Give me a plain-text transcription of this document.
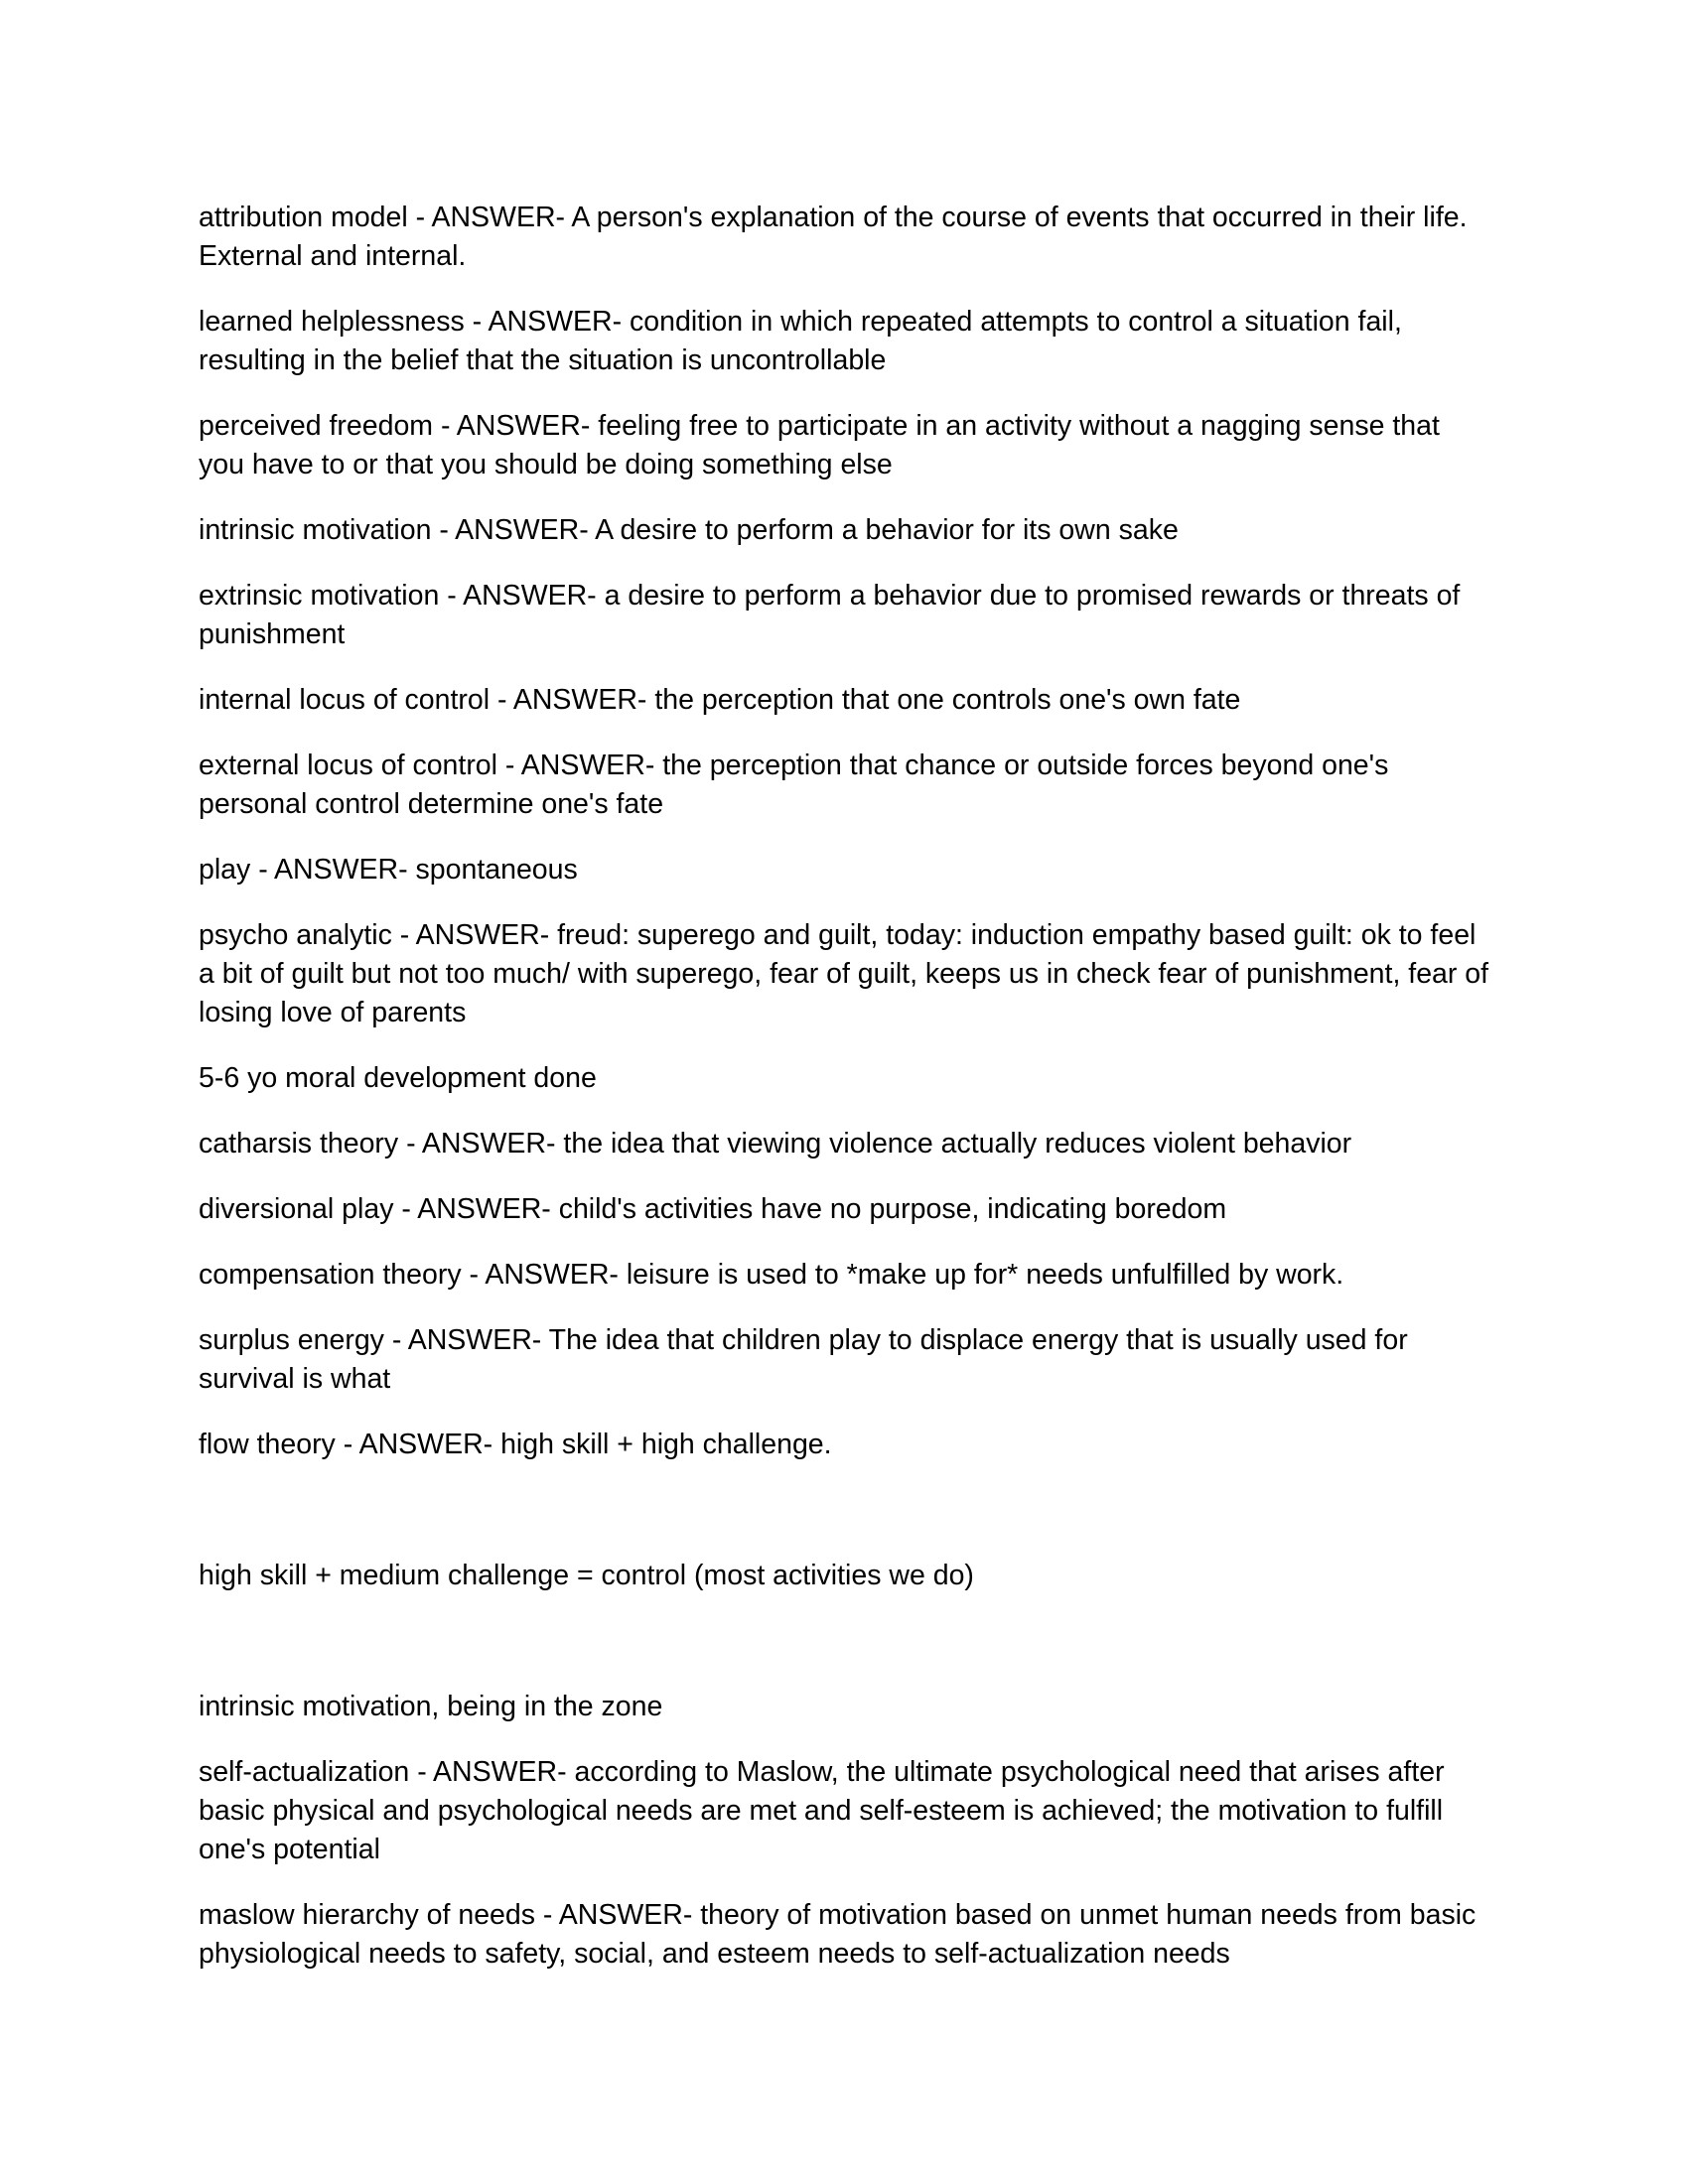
attribution model - ANSWER- A person's explanation of the course of events that occurred in their life. External and internal.

learned helplessness - ANSWER- condition in which repeated attempts to control a situation fail, resulting in the belief that the situation is uncontrollable

perceived freedom - ANSWER- feeling free to participate in an activity without a nagging sense that you have to or that you should be doing something else

intrinsic motivation - ANSWER- A desire to perform a behavior for its own sake

extrinsic motivation - ANSWER- a desire to perform a behavior due to promised rewards or threats of punishment

internal locus of control - ANSWER- the perception that one controls one's own fate

external locus of control - ANSWER- the perception that chance or outside forces beyond one's personal control determine one's fate

play - ANSWER- spontaneous

psycho analytic - ANSWER- freud: superego and guilt, today: induction empathy based guilt: ok to feel a bit of guilt but not too much/ with superego, fear of guilt, keeps us in check fear of punishment, fear of losing love of parents

5-6 yo moral development done

catharsis theory - ANSWER- the idea that viewing violence actually reduces violent behavior

diversional play - ANSWER- child's activities have no purpose, indicating boredom

compensation theory - ANSWER- leisure is used to *make up for* needs unfulfilled by work.

surplus energy - ANSWER- The idea that children play to displace energy that is usually used for survival is what

flow theory - ANSWER- high skill + high challenge.

high skill + medium challenge = control (most activities we do)

intrinsic motivation, being in the zone

self-actualization - ANSWER- according to Maslow, the ultimate psychological need that arises after basic physical and psychological needs are met and self-esteem is achieved; the motivation to fulfill one's potential

maslow hierarchy of needs - ANSWER- theory of motivation based on unmet human needs from basic physiological needs to safety, social, and esteem needs to self-actualization needs
